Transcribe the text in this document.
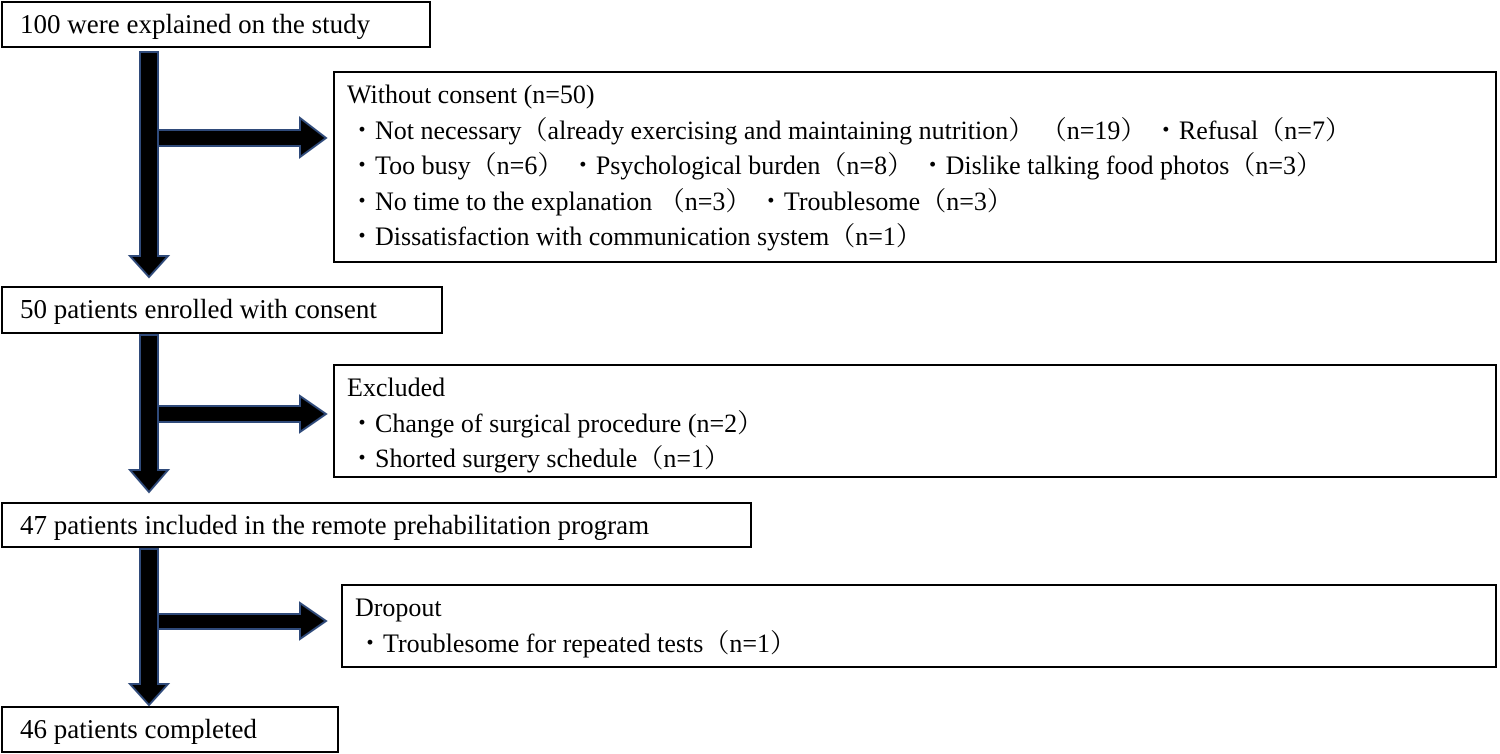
100 were explained on the study
50 patients enrolled with consent
47 patients included in the remote prehabilitation program
46 patients completed
Without consent (n=50)
・Not necessary（already exercising and maintaining nutrition） （n=19） ・Refusal（n=7）
・Too busy（n=6） ・Psychological burden（n=8） ・Dislike talking food photos（n=3）
・No time to the explanation （n=3） ・Troublesome（n=3）
・Dissatisfaction with communication system（n=1）
Excluded
・Change of surgical procedure (n=2）
・Shorted surgery schedule（n=1）
Dropout
・Troublesome for repeated tests（n=1）
